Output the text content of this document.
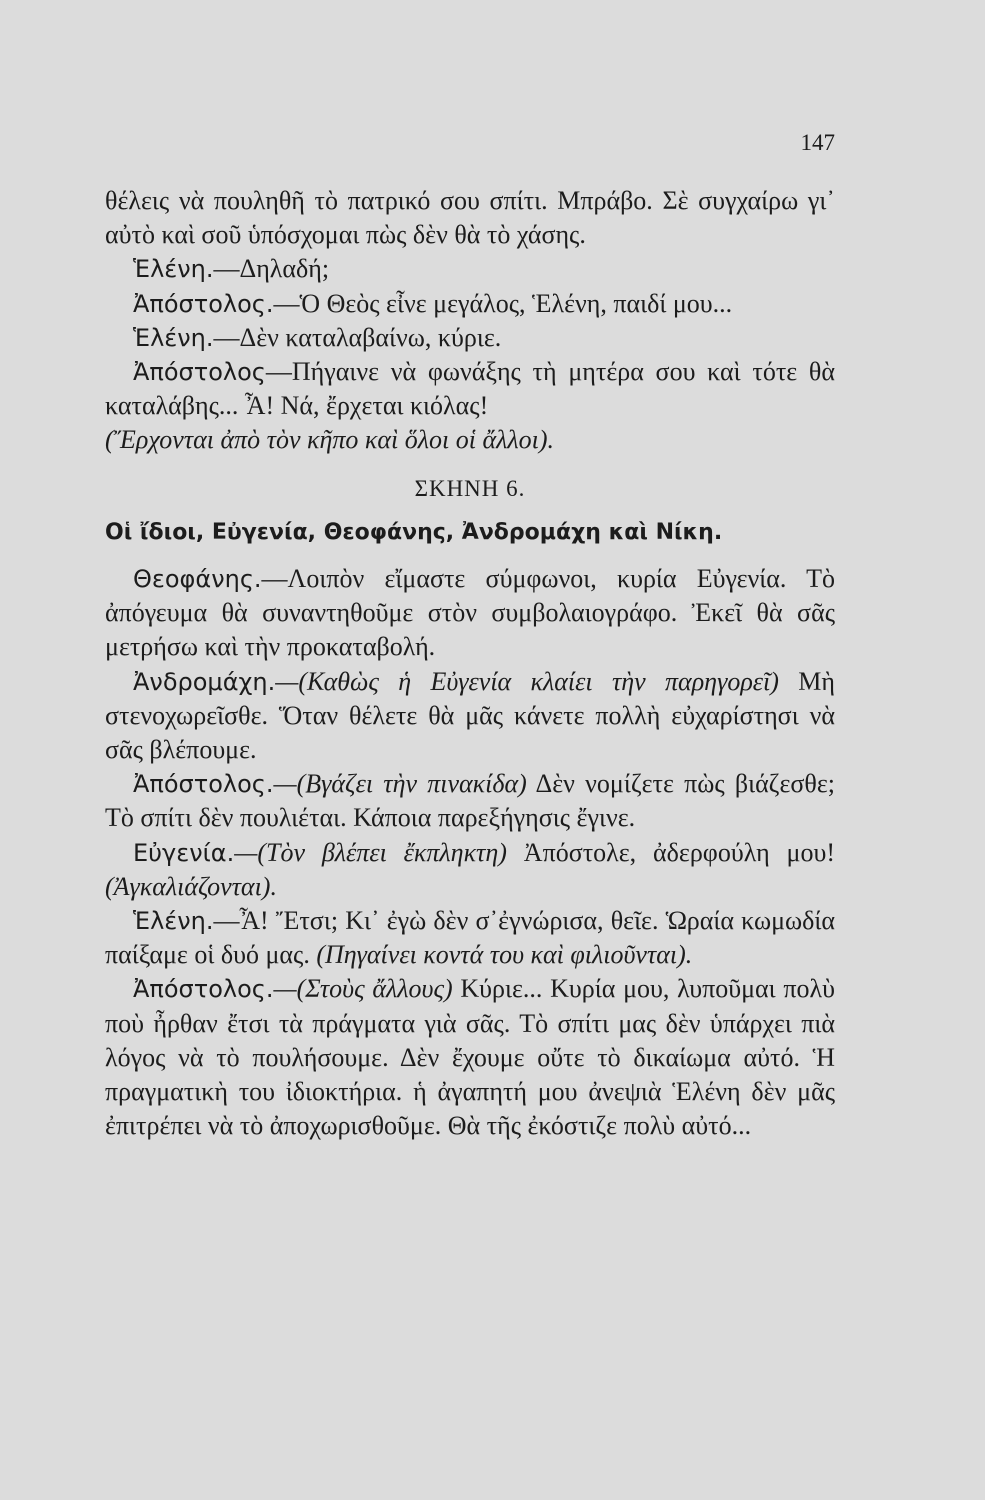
147

θέλεις νὰ πουληθῆ τὸ πατρικό σου σπίτι. Μπράβο. Σὲ συγχαίρω γι᾽ αὐτὸ καὶ σοῦ ὑπόσχομαι πὼς δὲν θὰ τὸ χάσης.

Ἑλένη.—Δηλαδή;

Ἀπόστολος.—Ὁ Θεὸς εἶνε μεγάλος, Ἑλένη, παιδί μου...

Ἑλένη.—Δὲν καταλαβαίνω, κύριε.

Ἀπόστολος—Πήγαινε νὰ φωνάξης τὴ μητέρα σου καὶ τότε θὰ καταλάβης... Ἆ! Νά, ἔρχεται κιόλας!

(Ἔρχονται ἀπὸ τὸν κῆπο καὶ ὅλοι οἱ ἄλλοι).

ΣΚΗΝΗ 6.

Οἱ ἴδιοι, Εὐγενία, Θεοφάνης, Ἀνδρομάχη καὶ Νίκη.

Θεοφάνης.—Λοιπὸν εἴμαστε σύμφωνοι, κυρία Εὐγενία. Τὸ ἀπόγευμα θὰ συναντηθοῦμε στὸν συμβολαιογράφο. Ἐκεῖ θὰ σᾶς μετρήσω καὶ τὴν προκαταβολή.

Ἀνδρομάχη.—(Καθὼς ἡ Εὐγενία κλαίει τὴν παρηγορεῖ) Μὴ στενοχωρεῖσθε. Ὅταν θέλετε θὰ μᾶς κάνετε πολλὴ εὐχαρίστησι νὰ σᾶς βλέπουμε.

Ἀπόστολος.—(Βγάζει τὴν πινακίδα) Δὲν νομίζετε πὼς βιάζεσθε; Τὸ σπίτι δὲν πουλιέται. Κάποια παρεξήγησις ἔγινε.

Εὐγενία.—(Τὸν βλέπει ἔκπληκτη) Ἀπόστολε, ἀδερφούλη μου! (Ἀγκαλιάζονται).

Ἑλένη.—Ἆ! Ἔτσι; Κι᾽ ἐγὼ δὲν σ᾽ἐγνώρισα, θεῖε. Ὡραία κωμωδία παίξαμε οἱ δυό μας. (Πηγαίνει κοντά του καὶ φιλιοῦνται).

Ἀπόστολος.—(Στοὺς ἄλλους) Κύριε... Κυρία μου, λυποῦμαι πολὺ ποὺ ἦρθαν ἔτσι τὰ πράγματα γιὰ σᾶς. Τὸ σπίτι μας δὲν ὑπάρχει πιὰ λόγος νὰ τὸ πουλήσουμε. Δὲν ἔχουμε οὔτε τὸ δικαίωμα αὐτό. Ἡ πραγματικὴ του ἰδιοκτήρια. ἡ ἀγαπητή μου ἀνεψιὰ Ἑλένη δὲν μᾶς ἐπιτρέπει νὰ τὸ ἀποχωρισθοῦμε. Θὰ τῆς ἐκόστιζε πολὺ αὐτό...
